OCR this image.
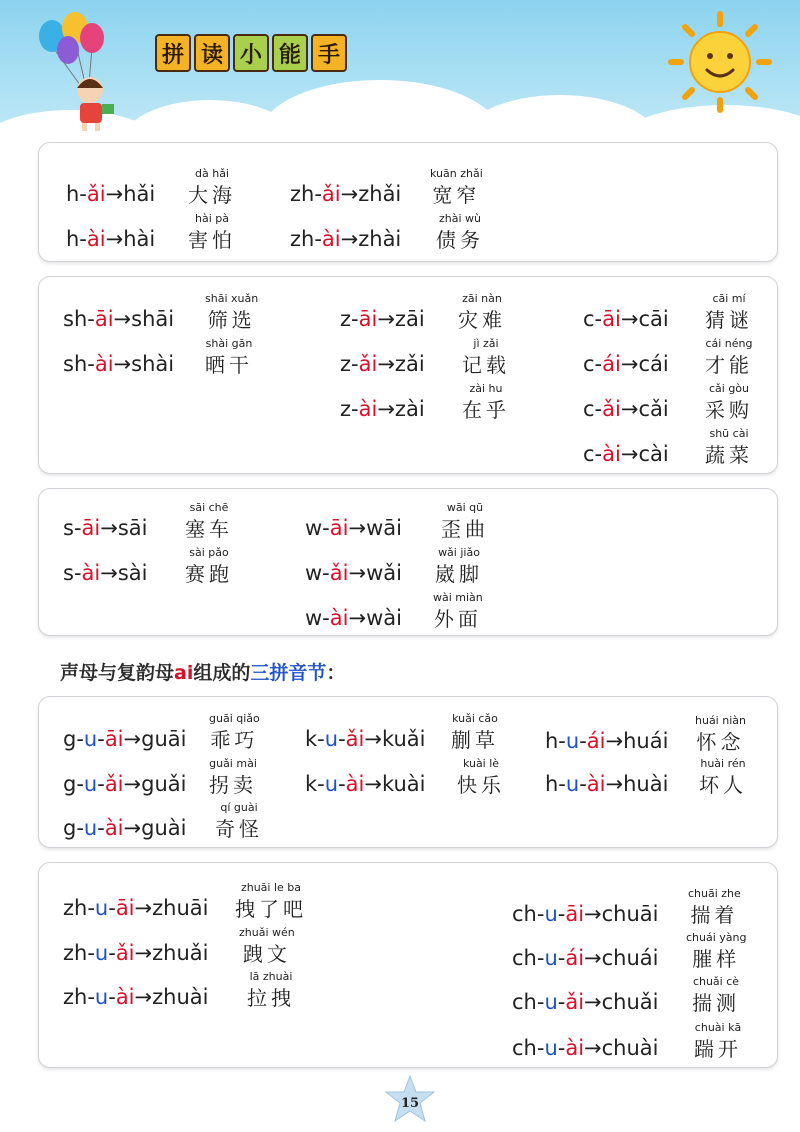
拼 读 小 能 手
h-ǎi→hǎi
dà hǎi
大海
h-ài→hài
hài pà
害怕
zh-ǎi→zhǎi
kuān zhǎi
宽窄
zh-ài→zhài
zhài wù
债务
sh-āi→shāi
shāi xuǎn
筛选
sh-ài→shài
shài gān
晒干
z-āi→zāi
zāi nàn
灾难
z-ǎi→zǎi
jì zǎi
记载
z-ài→zài
zài hu
在乎
c-āi→cāi
cāi mí
猜谜
c-ái→cái
cái néng
才能
c-ǎi→cǎi
cǎi gòu
采购
c-ài→cài
shū cài
蔬菜
s-āi→sāi
sāi chē
塞车
s-ài→sài
sài pǎo
赛跑
w-āi→wāi
wāi qū
歪曲
w-ǎi→wǎi
wǎi jiǎo
崴脚
w-ài→wài
wài miàn
外面
声母与复韵母ai组成的三拼音节：
g-u-āi→guāi
guāi qiǎo
乖巧
g-u-ǎi→guǎi
guǎi mài
拐卖
g-u-ài→guài
qí guài
奇怪
k-u-ǎi→kuǎi
kuǎi cǎo
蒯草
k-u-ài→kuài
kuài lè
快乐
h-u-ái→huái
huái niàn
怀念
h-u-ài→huài
huài rén
坏人
zh-u-āi→zhuāi
zhuāi le ba
拽了吧
zh-u-ǎi→zhuǎi
zhuǎi wén
跩文
zh-u-ài→zhuài
lā zhuài
拉拽
ch-u-āi→chuāi
chuāi zhe
揣着
ch-u-ái→chuái
chuái yàng
膗样
ch-u-ǎi→chuǎi
chuǎi cè
揣测
ch-u-ài→chuài
chuài kā
踹开
15
